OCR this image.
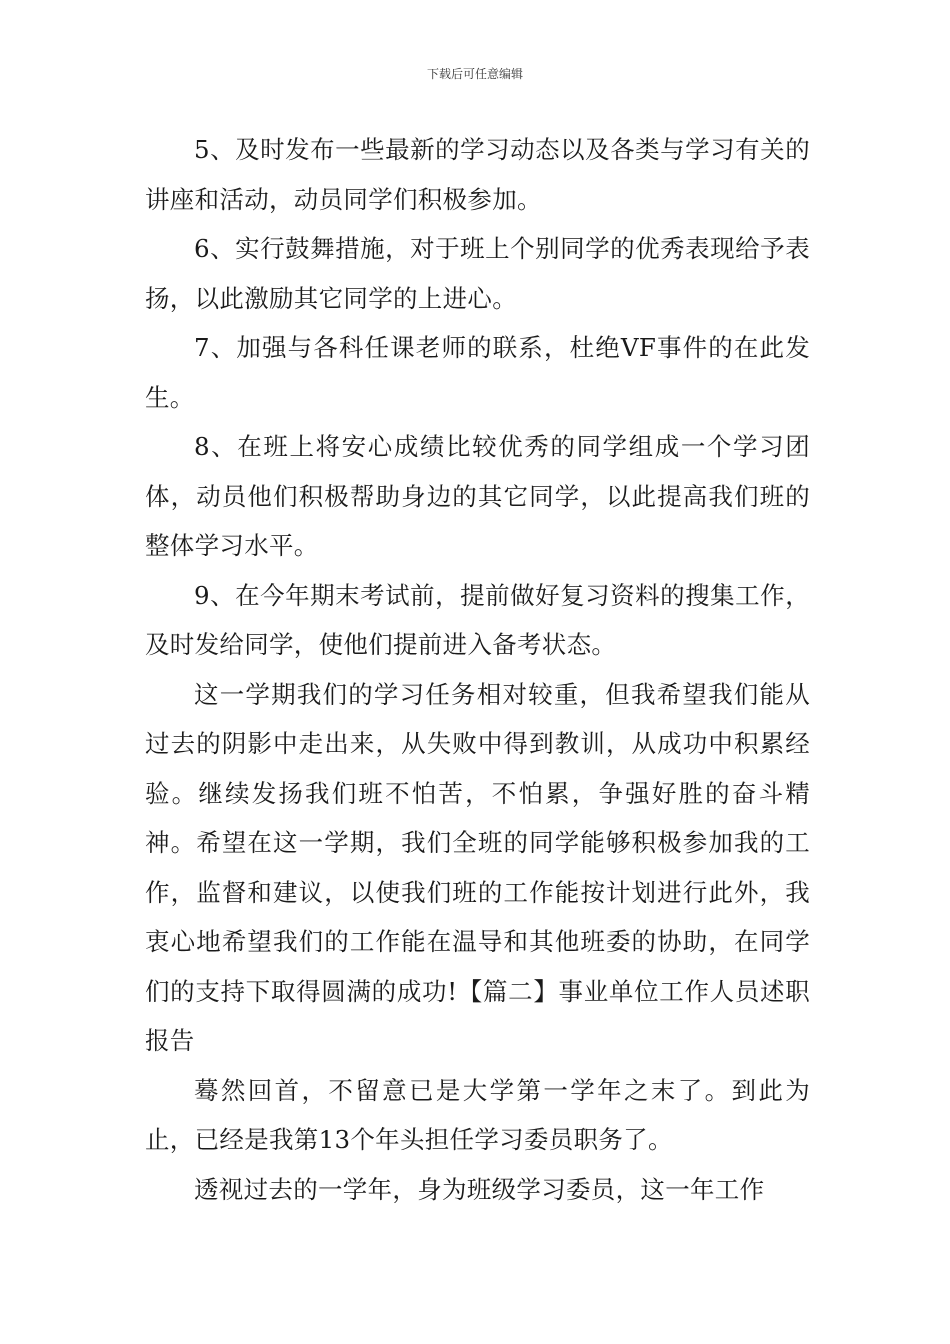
下载后可任意编辑

5、及时发布一些最新的学习动态以及各类与学习有关的讲座和活动，动员同学们积极参加。

6、实行鼓舞措施，对于班上个别同学的优秀表现给予表扬，以此激励其它同学的上进心。

7、加强与各科任课老师的联系，杜绝VF事件的在此发生。

8、在班上将安心成绩比较优秀的同学组成一个学习团体，动员他们积极帮助身边的其它同学，以此提高我们班的整体学习水平。

9、在今年期末考试前，提前做好复习资料的搜集工作，及时发给同学，使他们提前进入备考状态。

这一学期我们的学习任务相对较重，但我希望我们能从过去的阴影中走出来，从失败中得到教训，从成功中积累经验。继续发扬我们班不怕苦，不怕累，争强好胜的奋斗精神。希望在这一学期，我们全班的同学能够积极参加我的工作，监督和建议，以使我们班的工作能按计划进行此外，我衷心地希望我们的工作能在温导和其他班委的协助，在同学们的支持下取得圆满的成功!【篇二】事业单位工作人员述职报告

蓦然回首，不留意已是大学第一学年之末了。到此为止，已经是我第13个年头担任学习委员职务了。

透视过去的一学年，身为班级学习委员，这一年工作
